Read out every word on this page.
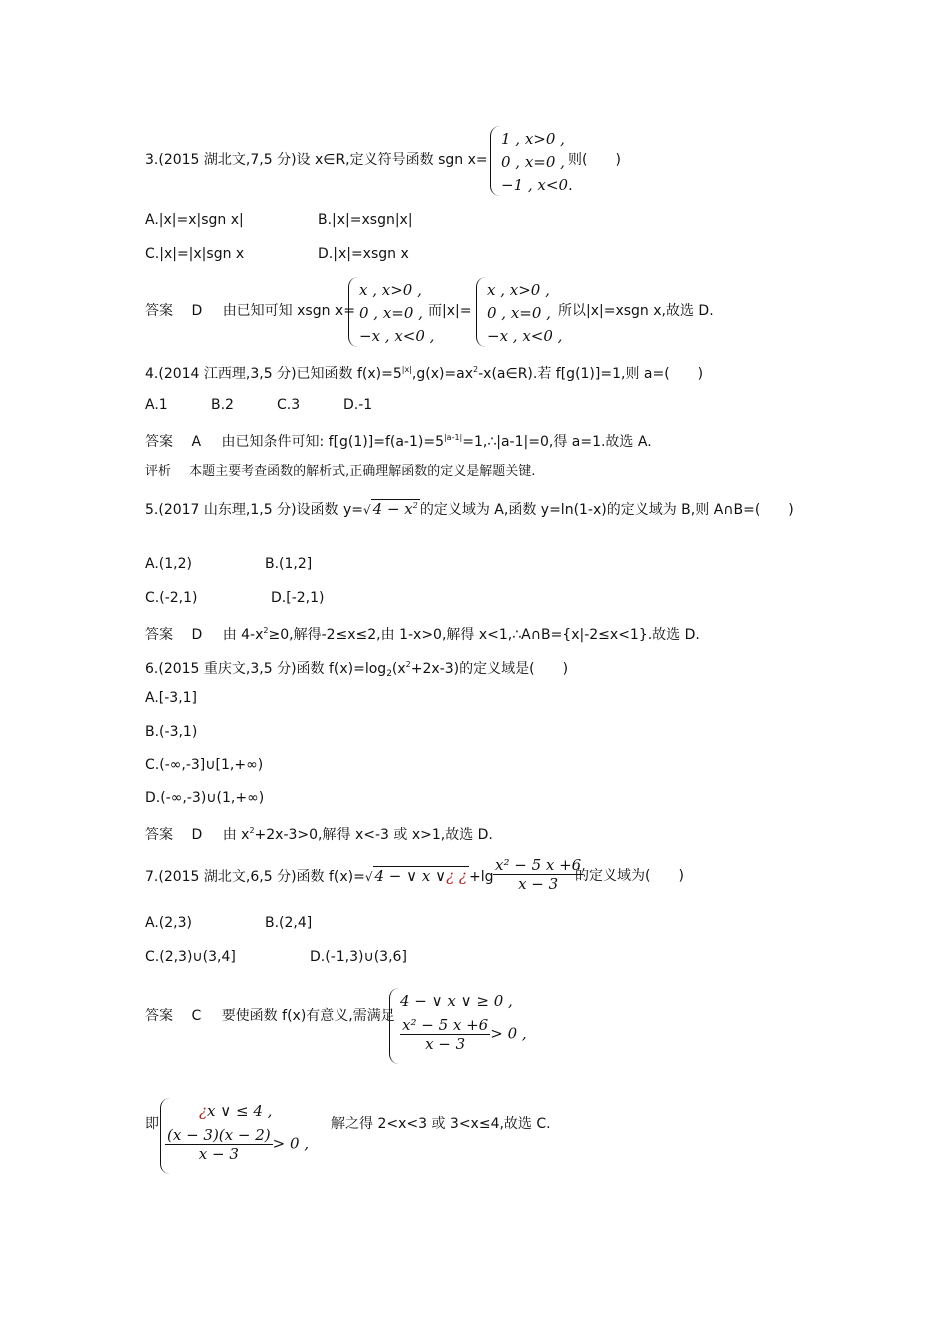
3.(2015 湖北文,7,5 分)设 x∈R,定义符号函数 sgn x=
1 , x>0 ,
0 , x=0 ,
−1 , x<0.
则(　　)
A.|x|=x|sgn x|	B.|x|=xsgn|x|
C.|x|=|x|sgn x	D.|x|=xsgn x
答案 D 由已知可知 xsgn x=
x , x>0 ,
0 , x=0 ,
−x , x<0 ,
而|x|=
x , x>0 ,
0 , x=0 ,
−x , x<0 ,
所以|x|=xsgn x,故选 D.
4.(2014 江西理,3,5 分)已知函数 $f(x)=5^{|x|},g(x)=ax^2-x(a\in R)$.若 f[g(1)]=1,则 a=(　　)
A.1	B.2	C.3	D.-1
答案 A 由已知条件可知: $f[g(1)]=f(a-1)=5^{|a-1|}=1,\therefore|a-1|=0$,得 a=1.故选 A.
评析 本题主要考查函数的解析式,正确理解函数的定义是解题关键.
5.(2017 山东理,1,5 分)设函数 y=√ $4 - x^2$ 的定义域为 A,函数 y=ln(1-x)的定义域为 B,则 A∩B=(　　)
A.(1,2)	B.(1,2]
C.(-2,1)	D.[-2,1)
答案 D 由 $4-x^2\ge 0$,解得-2≤x≤2,由 1-x>0,解得 x<1,∴A∩B={x|-2≤x<1}.故选 D.
6.(2015 重庆文,3,5 分)函数 $f(x)=\log_2(x^2+2x-3)$的定义域是(　　)
A.[-3,1]
B.(-3,1)
C.(-∞,-3]∪[1,+∞)
D.(-∞,-3)∪(1,+∞)
答案 D 由 $x^2+2x-3>0$,解得 x<-3 或 x>1,故选 D.
7.(2015 湖北文,6,5 分)函数 f(x)=√ 4 − ∨ x ∨¿ ¿ $+\lg \frac{\text{x² − 5 x +6}}{x - 3}$
的定义域为(　　)
A.(2,3)	B.(2,4]
C.(2,3)∪(3,4]	D.(-1,3)∪(3,6]
答案 C 要使函数 f(x)有意义,需满足
4 − ∨ x ∨ ≥ 0 ,
$\frac{\text{x² − 5 x +6}}{x - 3} > 0$ ,
即
¿x ∨ ≤ 4 ,
$\frac{(x - 3)(x - 2)}{x - 3} > 0$ ,
解之得 2<x<3 或 3<x≤4,故选 C.
